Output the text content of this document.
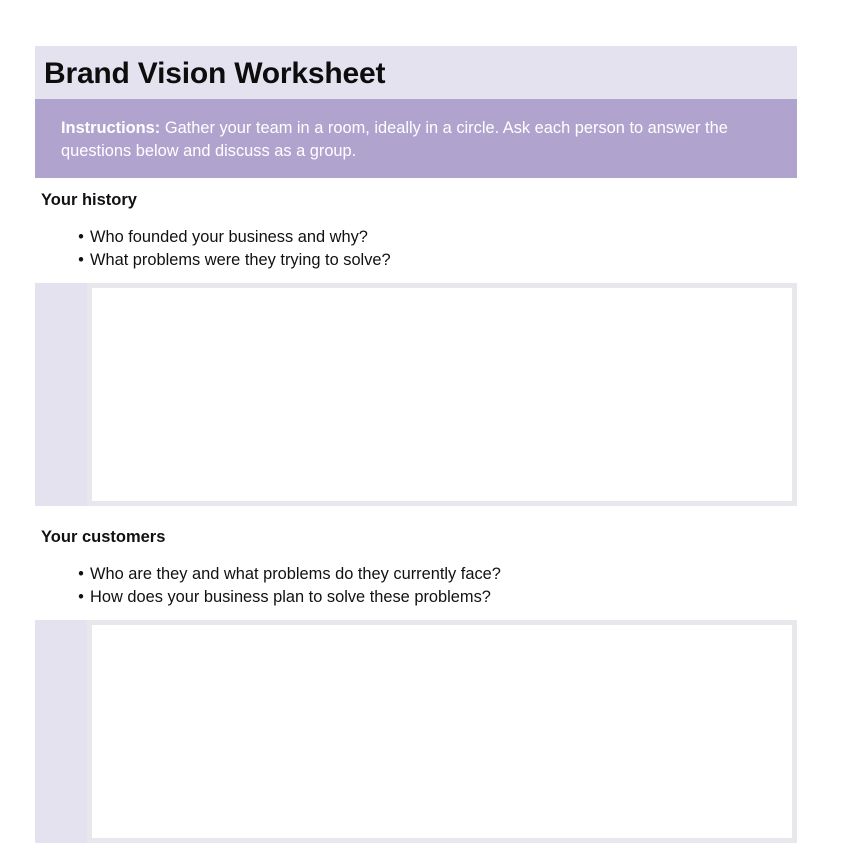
Brand Vision Worksheet
Instructions: Gather your team in a room, ideally in a circle. Ask each person to answer the questions below and discuss as a group.
Your history
• Who founded your business and why?
• What problems were they trying to solve?
Your customers
• Who are they and what problems do they currently face?
• How does your business plan to solve these problems?
